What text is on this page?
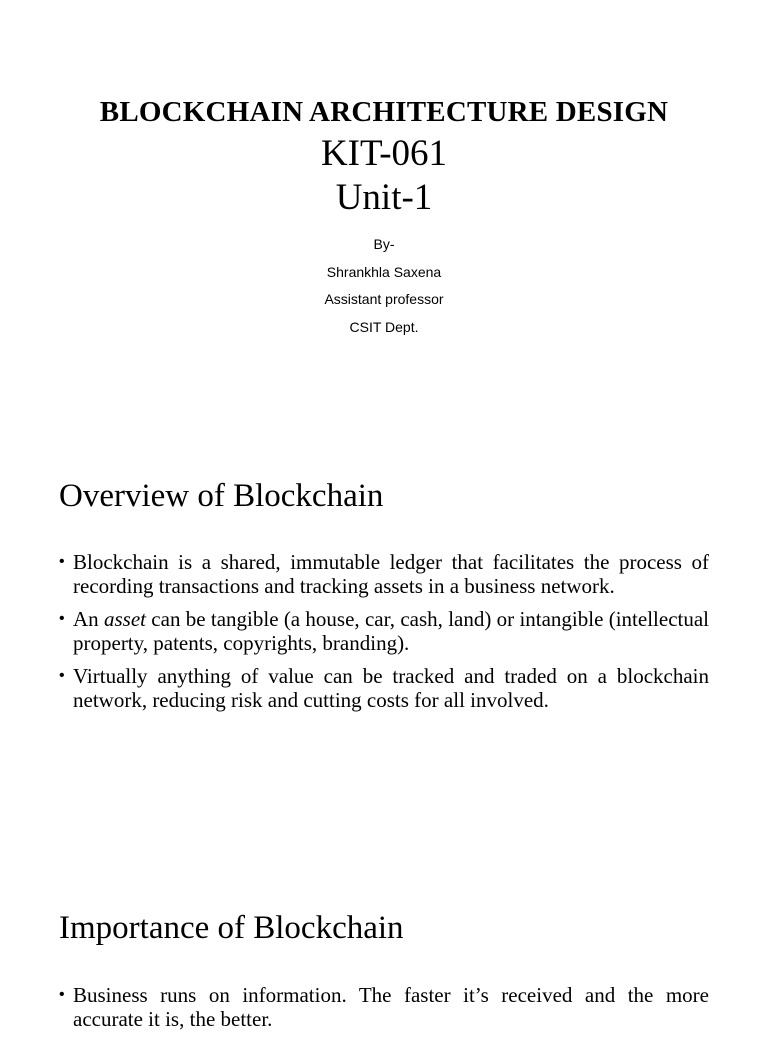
BLOCKCHAIN ARCHITECTURE DESIGN
KIT-061
Unit-1
By-
Shrankhla Saxena
Assistant professor
CSIT Dept.
Overview of Blockchain
• Blockchain is a shared, immutable ledger that facilitates the process of recording transactions and tracking assets in a business network.
• An asset can be tangible (a house, car, cash, land) or intangible (intellectual property, patents, copyrights, branding).
• Virtually anything of value can be tracked and traded on a blockchain network, reducing risk and cutting costs for all involved.
Importance of Blockchain
• Business runs on information. The faster it’s received and the more accurate it is, the better.
